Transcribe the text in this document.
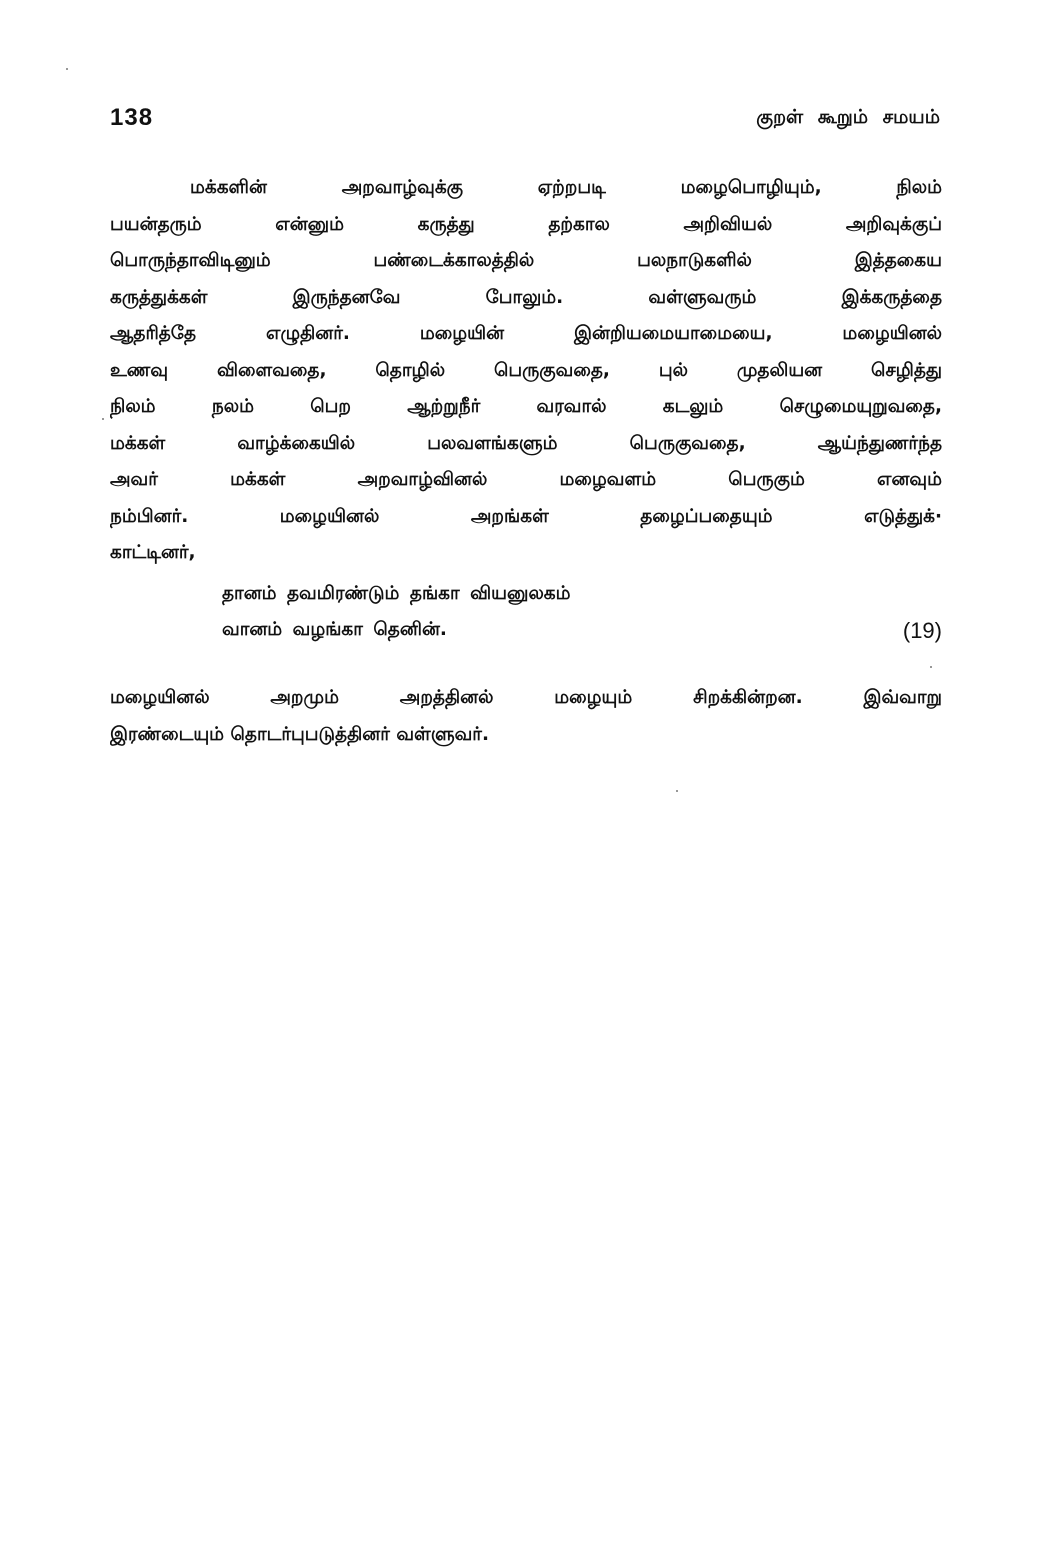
138	குறள் கூறும் சமயம்

மக்களின் அறவாழ்வுக்கு ஏற்றபடி மழைபொழியும், நிலம்
பயன்தரும் என்னும் கருத்து தற்கால அறிவியல் அறிவுக்குப்
பொருந்தாவிடினும் பண்டைக்காலத்தில் பலநாடுகளில் இத்தகைய
கருத்துக்கள் இருந்தனவே போலும். வள்ளுவரும் இக்கருத்தை
ஆதரித்தே எழுதினர். மழையின் இன்றியமையாமையை, மழையினல்
உணவு விளைவதை, தொழில் பெருகுவதை, புல் முதலியன செழித்து
நிலம் நலம் பெற ஆற்றுநீர் வரவால் கடலும் செழுமையுறுவதை,
மக்கள் வாழ்க்கையில் பலவளங்களும் பெருகுவதை, ஆய்ந்துணர்ந்த
அவர் மக்கள் அறவாழ்வினல் மழைவளம் பெருகும் எனவும்
நம்பினர். மழையினல் அறங்கள் தழைப்பதையும் எடுத்துக்·
காட்டினர்,

தானம் தவமிரண்டும் தங்கா வியனுலகம்
வானம் வழங்கா தெனின்.	(19)

மழையினல் அறமும் அறத்தினல் மழையும் சிறக்கின்றன. இவ்வாறு
இரண்டையும் தொடர்புபடுத்தினர் வள்ளுவர்.
